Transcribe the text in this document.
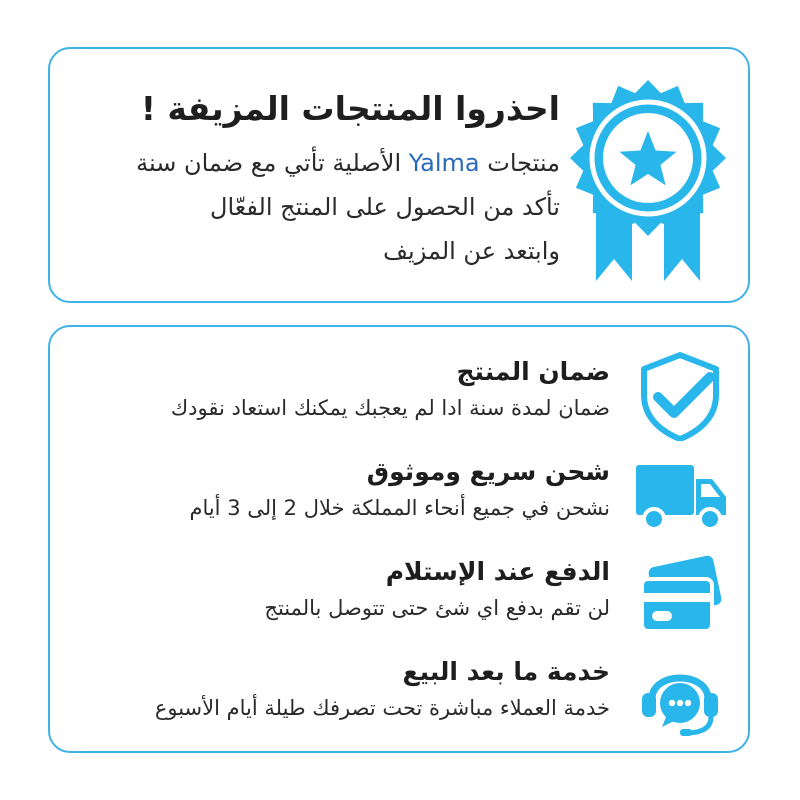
احذروا المنتجات المزيفة !
منتجات Yalma الأصلية تأتي مع ضمان سنة
تأكد من الحصول على المنتج الفعّال
وابتعد عن المزيف
ضمان المنتج
ضمان لمدة سنة ادا لم يعجبك يمكنك استعاد نقودك
شحن سريع وموثوق
نشحن في جميع أنحاء المملكة خلال 2 إلى 3 أيام
الدفع عند الإستلام
لن تقم بدفع اي شئ حتى تتوصل بالمنتج
خدمة ما بعد البيع
خدمة العملاء مباشرة تحت تصرفك طيلة أيام الأسبوع
